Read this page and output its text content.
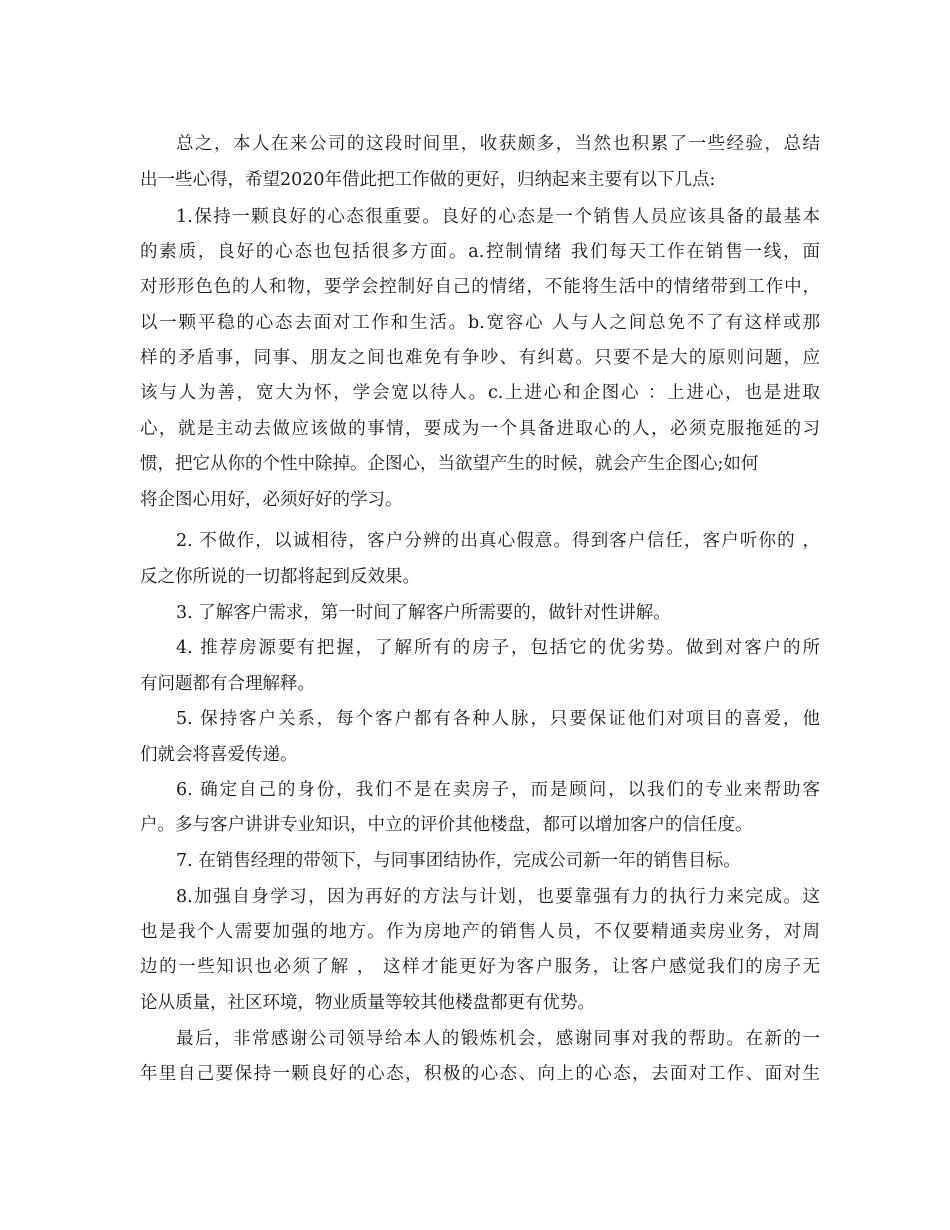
总之，本人在来公司的这段时间里，收获颇多，当然也积累了一些经验，总结
出一些心得，希望2020年借此把工作做的更好，归纳起来主要有以下几点:
1.保持一颗良好的心态很重要。良好的心态是一个销售人员应该具备的最基本
的素质，良好的心态也包括很多方面。a.控制情绪 我们每天工作在销售一线，面
对形形色色的人和物，要学会控制好自己的情绪，不能将生活中的情绪带到工作中，
以一颗平稳的心态去面对工作和生活。b.宽容心 人与人之间总免不了有这样或那
样的矛盾事，同事、朋友之间也难免有争吵、有纠葛。只要不是大的原则问题，应
该与人为善，宽大为怀，学会宽以待人。c.上进心和企图心 ：上进心，也是进取
心，就是主动去做应该做的事情，要成为一个具备进取心的人，必须克服拖延的习
惯，把它从你的个性中除掉。企图心，当欲望产生的时候，就会产生企图心;如何
将企图心用好，必须好好的学习。
2. 不做作，以诚相待，客户分辨的出真心假意。得到客户信任，客户听你的 ，
反之你所说的一切都将起到反效果。
3. 了解客户需求，第一时间了解客户所需要的，做针对性讲解。
4. 推荐房源要有把握，了解所有的房子，包括它的优劣势。做到对客户的所
有问题都有合理解释。
5. 保持客户关系，每个客户都有各种人脉，只要保证他们对项目的喜爱，他
们就会将喜爱传递。
6. 确定自己的身份，我们不是在卖房子，而是顾问，以我们的专业来帮助客
户。多与客户讲讲专业知识，中立的评价其他楼盘，都可以增加客户的信任度。
7. 在销售经理的带领下，与同事团结协作，完成公司新一年的销售目标。
8.加强自身学习，因为再好的方法与计划，也要靠强有力的执行力来完成。这
也是我个人需要加强的地方。作为房地产的销售人员，不仅要精通卖房业务，对周
边的一些知识也必须了解 ， 这样才能更好为客户服务，让客户感觉我们的房子无
论从质量，社区环境，物业质量等较其他楼盘都更有优势。
最后，非常感谢公司领导给本人的锻炼机会，感谢同事对我的帮助。在新的一
年里自己要保持一颗良好的心态，积极的心态、向上的心态，去面对工作、面对生
